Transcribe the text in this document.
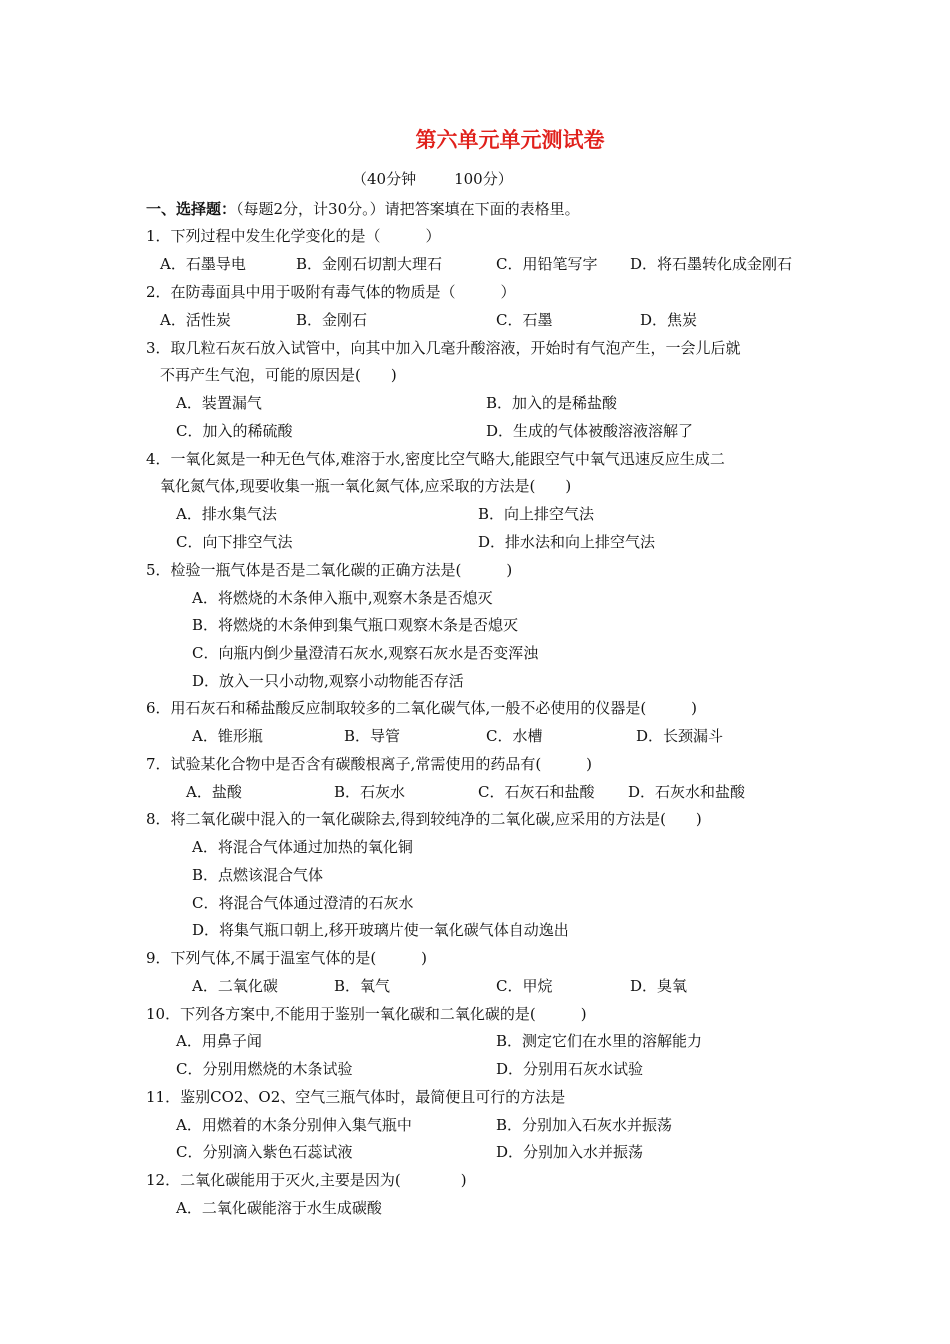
第六单元单元测试卷
（40分钟	100分）
一、选择题：（每题2分，计30分。）请把答案填在下面的表格里。
1．下列过程中发生化学变化的是（　　　）
A．石墨导电	B．金刚石切割大理石	C．用铅笔写字 D．将石墨转化成金刚石
2．在防毒面具中用于吸附有毒气体的物质是（　　　）
A．活性炭	B．金刚石	C．石墨	D．焦炭
3．取几粒石灰石放入试管中，向其中加入几毫升酸溶液，开始时有气泡产生，一会儿后就
不再产生气泡，可能的原因是(　　)
A．装置漏气	B．加入的是稀盐酸
C．加入的稀硫酸	D．生成的气体被酸溶液溶解了
4．一氧化氮是一种无色气体,难溶于水,密度比空气略大,能跟空气中氧气迅速反应生成二
氧化氮气体,现要收集一瓶一氧化氮气体,应采取的方法是(　　)
A．排水集气法	B．向上排空气法
C．向下排空气法	D．排水法和向上排空气法
5．检验一瓶气体是否是二氧化碳的正确方法是(　　　)
A．将燃烧的木条伸入瓶中,观察木条是否熄灭
B．将燃烧的木条伸到集气瓶口观察木条是否熄灭
C．向瓶内倒少量澄清石灰水,观察石灰水是否变浑浊
D．放入一只小动物,观察小动物能否存活
6．用石灰石和稀盐酸反应制取较多的二氧化碳气体,一般不必使用的仪器是(　　　)
A．锥形瓶	B．导管	C．水槽	D．长颈漏斗
7．试验某化合物中是否含有碳酸根离子,常需使用的药品有(　　　)
A．盐酸	B．石灰水	C．石灰石和盐酸 D．石灰水和盐酸
8．将二氧化碳中混入的一氧化碳除去,得到较纯净的二氧化碳,应采用的方法是(　　)
A．将混合气体通过加热的氧化铜
B．点燃该混合气体
C．将混合气体通过澄清的石灰水
D．将集气瓶口朝上,移开玻璃片使一氧化碳气体自动逸出
9．下列气体,不属于温室气体的是(　　　)
A．二氧化碳	B．氧气	C．甲烷	D．臭氧
10．下列各方案中,不能用于鉴别一氧化碳和二氧化碳的是(　　　)
A．用鼻子闻	B．测定它们在水里的溶解能力
C．分别用燃烧的木条试验	D．分别用石灰水试验
11．鉴别CO2、O2、空气三瓶气体时，最简便且可行的方法是
A．用燃着的木条分别伸入集气瓶中	B．分别加入石灰水并振荡
C．分别滴入紫色石蕊试液	D．分别加入水并振荡
12．二氧化碳能用于灭火,主要是因为(　　　　)
A．二氧化碳能溶于水生成碳酸
